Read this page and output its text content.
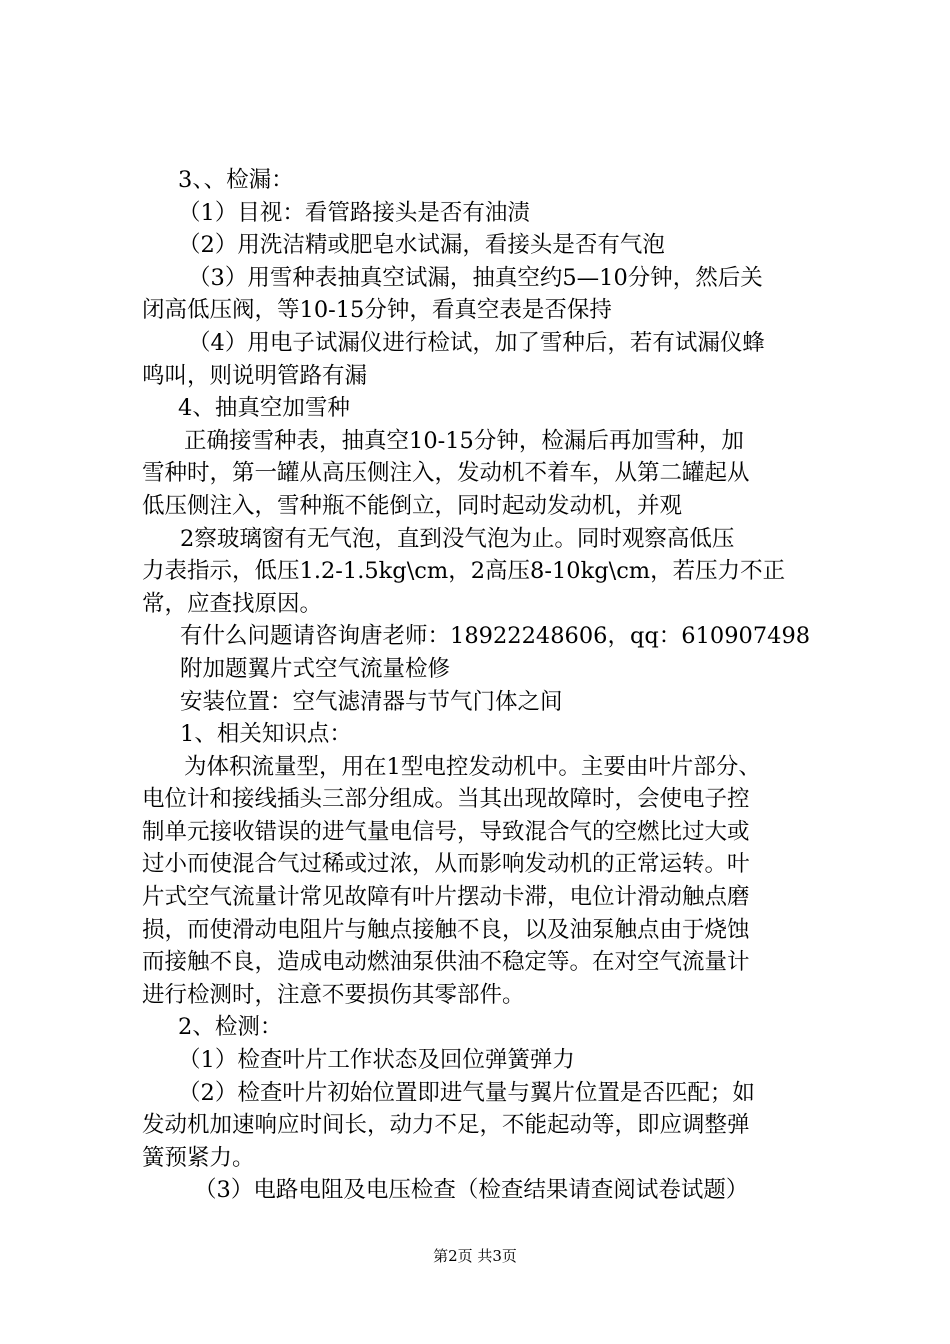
3、、检漏：
（1）目视：看管路接头是否有油渍
（2）用洗洁精或肥皂水试漏，看接头是否有气泡
（3）用雪种表抽真空试漏，抽真空约5—10分钟，然后关
闭高低压阀，等10-15分钟，看真空表是否保持
（4）用电子试漏仪进行检试，加了雪种后，若有试漏仪蜂
鸣叫，则说明管路有漏
4、抽真空加雪种
正确接雪种表，抽真空10-15分钟，检漏后再加雪种，加
雪种时，第一罐从高压侧注入，发动机不着车，从第二罐起从
低压侧注入，雪种瓶不能倒立，同时起动发动机，并观
2察玻璃窗有无气泡，直到没气泡为止。同时观察高低压
力表指示，低压1.2-1.5kg\cm，2高压8-10kg\cm，若压力不正
常，应查找原因。
有什么问题请咨询唐老师：18922248606，qq：610907498
附加题翼片式空气流量检修
安装位置：空气滤清器与节气门体之间
1、相关知识点：
为体积流量型，用在1型电控发动机中。主要由叶片部分、
电位计和接线插头三部分组成。当其出现故障时，会使电子控
制单元接收错误的进气量电信号，导致混合气的空燃比过大或
过小而使混合气过稀或过浓，从而影响发动机的正常运转。叶
片式空气流量计常见故障有叶片摆动卡滞，电位计滑动触点磨
损，而使滑动电阻片与触点接触不良，以及油泵触点由于烧蚀
而接触不良，造成电动燃油泵供油不稳定等。在对空气流量计
进行检测时，注意不要损伤其零部件。
2、检测：
（1）检查叶片工作状态及回位弹簧弹力
（2）检查叶片初始位置即进气量与翼片位置是否匹配；如
发动机加速响应时间长，动力不足，不能起动等，即应调整弹
簧预紧力。
（3）电路电阻及电压检查（检查结果请查阅试卷试题）
第2页 共3页
